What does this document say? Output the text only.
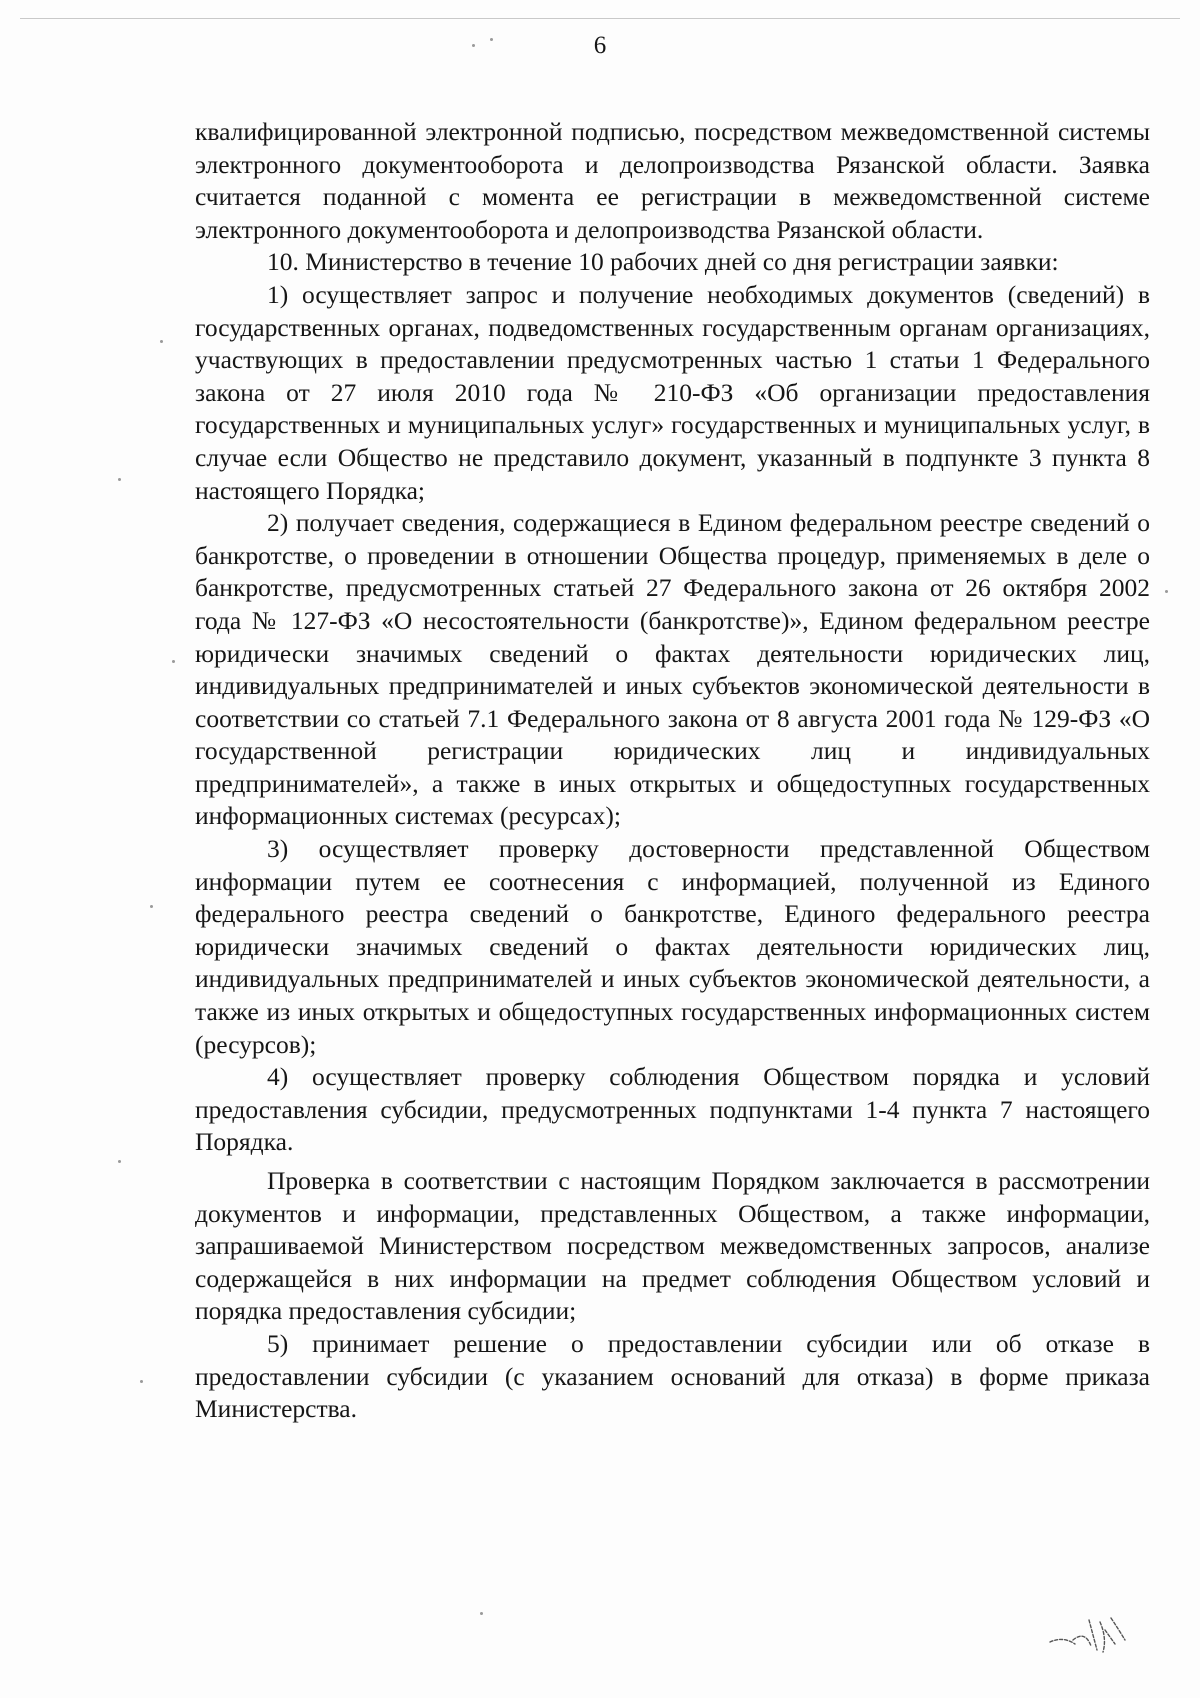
6

квалифицированной электронной подписью, посредством межведомственной системы электронного документооборота и делопроизводства Рязанской области. Заявка считается поданной с момента ее регистрации в межведомственной системе электронного документооборота и делопроизводства Рязанской области.

10. Министерство в течение 10 рабочих дней со дня регистрации заявки:

1) осуществляет запрос и получение необходимых документов (сведений) в государственных органах, подведомственных государственным органам организациях, участвующих в предоставлении предусмотренных частью 1 статьи 1 Федерального закона от 27 июля 2010 года № 210-ФЗ «Об организации предоставления государственных и муниципальных услуг» государственных и муниципальных услуг, в случае если Общество не представило документ, указанный в подпункте 3 пункта 8 настоящего Порядка;

2) получает сведения, содержащиеся в Едином федеральном реестре сведений о банкротстве, о проведении в отношении Общества процедур, применяемых в деле о банкротстве, предусмотренных статьей 27 Федерального закона от 26 октября 2002 года № 127-ФЗ «О несостоятельности (банкротстве)», Едином федеральном реестре юридически значимых сведений о фактах деятельности юридических лиц, индивидуальных предпринимателей и иных субъектов экономической деятельности в соответствии со статьей 7.1 Федерального закона от 8 августа 2001 года № 129-ФЗ «О государственной регистрации юридических лиц и индивидуальных предпринимателей», а также в иных открытых и общедоступных государственных информационных системах (ресурсах);

3) осуществляет проверку достоверности представленной Обществом информации путем ее соотнесения с информацией, полученной из Единого федерального реестра сведений о банкротстве, Единого федерального реестра юридически значимых сведений о фактах деятельности юридических лиц, индивидуальных предпринимателей и иных субъектов экономической деятельности, а также из иных открытых и общедоступных государственных информационных систем (ресурсов);

4) осуществляет проверку соблюдения Обществом порядка и условий предоставления субсидии, предусмотренных подпунктами 1-4 пункта 7 настоящего Порядка.

Проверка в соответствии с настоящим Порядком заключается в рассмотрении документов и информации, представленных Обществом, а также информации, запрашиваемой Министерством посредством межведомственных запросов, анализе содержащейся в них информации на предмет соблюдения Обществом условий и порядка предоставления субсидии;

5) принимает решение о предоставлении субсидии или об отказе в предоставлении субсидии (с указанием оснований для отказа) в форме приказа Министерства.
